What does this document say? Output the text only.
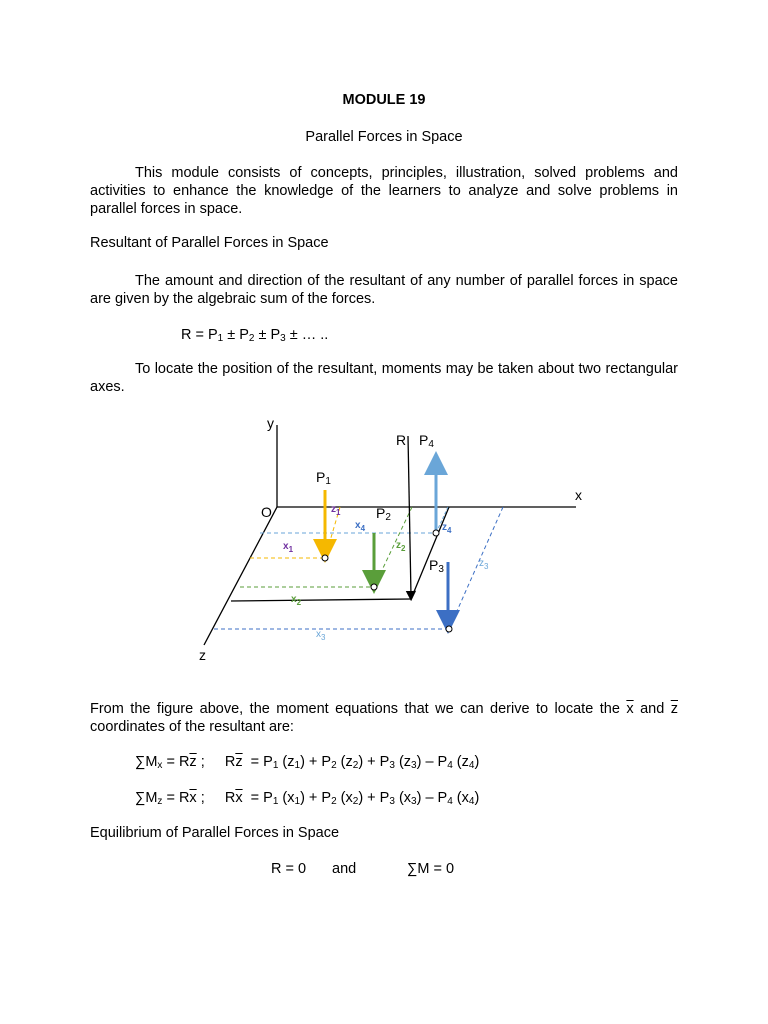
MODULE 19
Parallel Forces in Space
This module consists of concepts, principles, illustration, solved problems and activities to enhance the knowledge of the learners to analyze and solve problems in parallel forces in space.
Resultant of Parallel Forces in Space
The amount and direction of the resultant of any number of parallel forces in space are given by the algebraic sum of the forces.
$R = P_1 \pm P_2 \pm P_3$ ± … ..
To locate the position of the resultant, moments may be taken about two rectangular axes.
y
x
z
O
R P4
P1
P2
P3
$z_1$
$x_4$
$x_1$	$z_2$
$z_4$
$z_3$
$x_2$
$x_3$
From the figure above, the moment equations that we can derive to locate the $\overline{x}$ and $\overline{z}$ coordinates of the resultant are:
$\sum M_x = R\overline{z}$ ;     $R\overline{z} = P_1$ $(z_1) + P_2$ $(z_2) + P_3$ $(z_3) - P_4$ $(z_4)$
$\sum M_z = R\overline{x}$ ;     $R\overline{x} = P_1$ $(x_1) + P_2$ $(x_2) + P_3$ $(x_3) - P_4$ $(x_4)$
Equilibrium of Parallel Forces in Space
R = 0 and	∑M = 0
